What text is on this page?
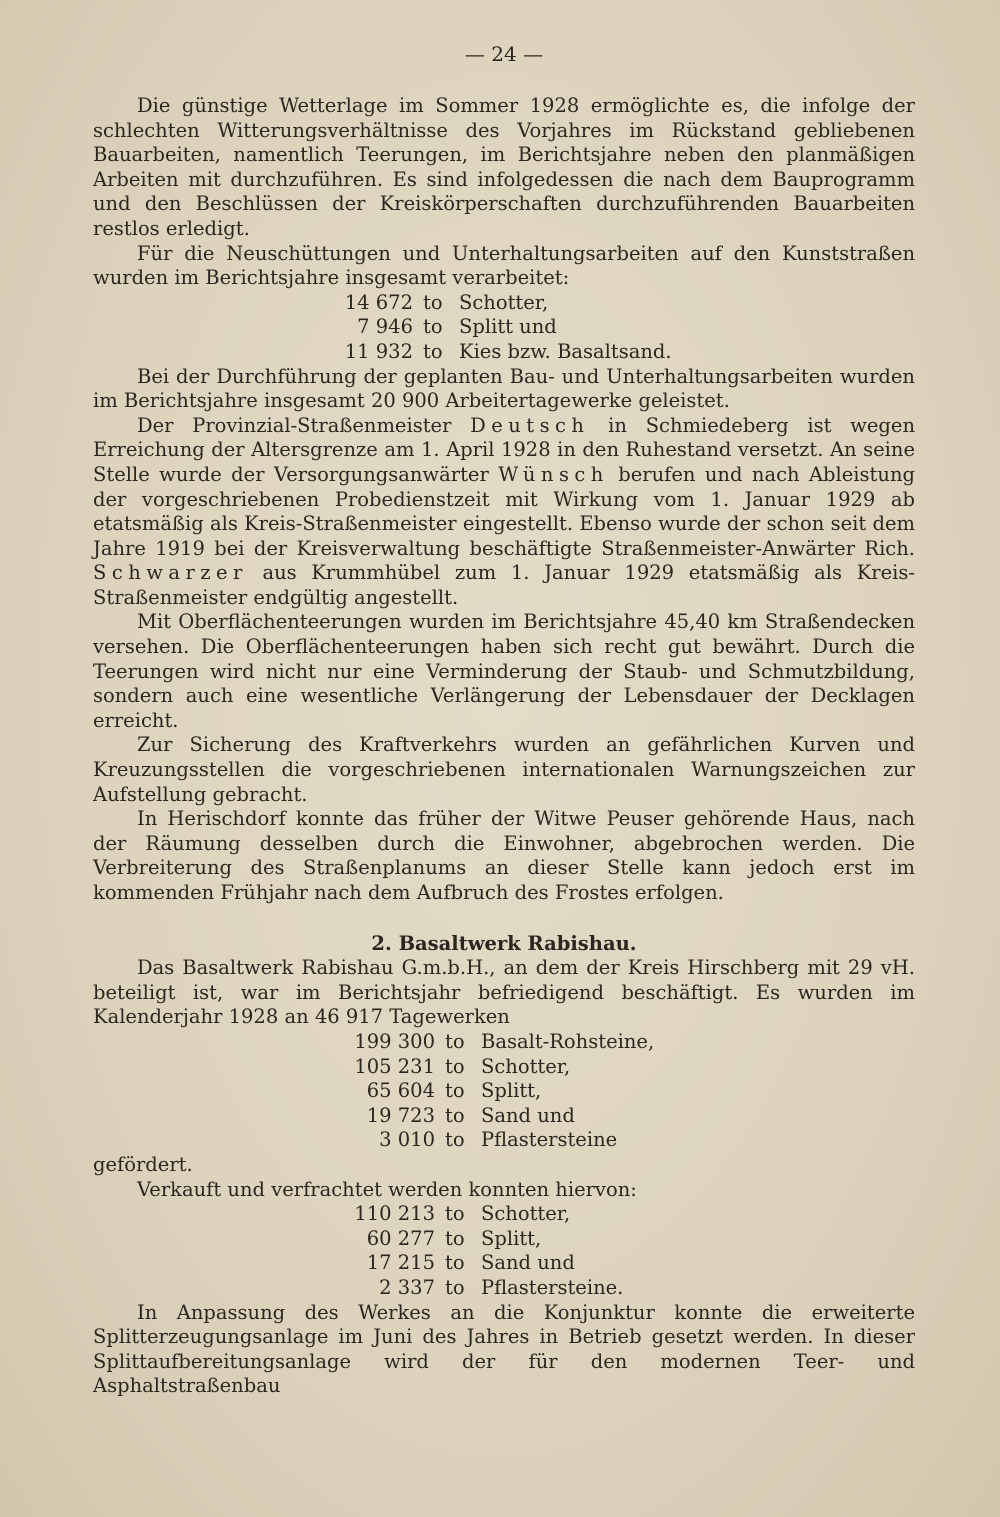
— 24 —

Die günstige Wetterlage im Sommer 1928 ermöglichte es, die infolge der schlechten Witterungsverhältnisse des Vorjahres im Rückstand gebliebenen Bauarbeiten, namentlich Teerungen, im Berichtsjahre neben den planmäßigen Arbeiten mit durchzuführen. Es sind infolgedessen die nach dem Bauprogramm und den Beschlüssen der Kreiskörperschaften durchzuführenden Bauarbeiten restlos erledigt.

Für die Neuschüttungen und Unterhaltungsarbeiten auf den Kunststraßen wurden im Berichtsjahre insgesamt verarbeitet:

14 672 to Schotter,
7 946 to Splitt und
11 932 to Kies bzw. Basaltsand.

Bei der Durchführung der geplanten Bau- und Unterhaltungsarbeiten wurden im Berichtsjahre insgesamt 20 900 Arbeitertagewerke geleistet.

Der Provinzial-Straßenmeister Deutsch in Schmiedeberg ist wegen Erreichung der Altersgrenze am 1. April 1928 in den Ruhestand versetzt. An seine Stelle wurde der Versorgungsanwärter Wünsch berufen und nach Ableistung der vorgeschriebenen Probedienstzeit mit Wirkung vom 1. Januar 1929 ab etatsmäßig als Kreis-Straßenmeister eingestellt. Ebenso wurde der schon seit dem Jahre 1919 bei der Kreisverwaltung beschäftigte Straßenmeister-Anwärter Rich. Schwarzer aus Krummhübel zum 1. Januar 1929 etatsmäßig als Kreis-Straßenmeister endgültig angestellt.

Mit Oberflächenteerungen wurden im Berichtsjahre 45,40 km Straßendecken versehen. Die Oberflächenteerungen haben sich recht gut bewährt. Durch die Teerungen wird nicht nur eine Verminderung der Staub- und Schmutzbildung, sondern auch eine wesentliche Verlängerung der Lebensdauer der Decklagen erreicht.

Zur Sicherung des Kraftverkehrs wurden an gefährlichen Kurven und Kreuzungsstellen die vorgeschriebenen internationalen Warnungszeichen zur Aufstellung gebracht.

In Herischdorf konnte das früher der Witwe Peuser gehörende Haus, nach der Räumung desselben durch die Einwohner, abgebrochen werden. Die Verbreiterung des Straßenplanums an dieser Stelle kann jedoch erst im kommenden Frühjahr nach dem Aufbruch des Frostes erfolgen.

2. Basaltwerk Rabishau.

Das Basaltwerk Rabishau G.m.b.H., an dem der Kreis Hirschberg mit 29 vH. beteiligt ist, war im Berichtsjahr befriedigend beschäftigt. Es wurden im Kalenderjahr 1928 an 46 917 Tagewerken

199 300 to Basalt-Rohsteine,
105 231 to Schotter,
65 604 to Splitt,
19 723 to Sand und
3 010 to Pflastersteine

gefördert.

Verkauft und verfrachtet werden konnten hiervon:

110 213 to Schotter,
60 277 to Splitt,
17 215 to Sand und
2 337 to Pflastersteine.

In Anpassung des Werkes an die Konjunktur konnte die erweiterte Splitterzeugungsanlage im Juni des Jahres in Betrieb gesetzt werden. In dieser Splittaufbereitungsanlage wird der für den modernen Teer- und Asphaltstraßenbau
